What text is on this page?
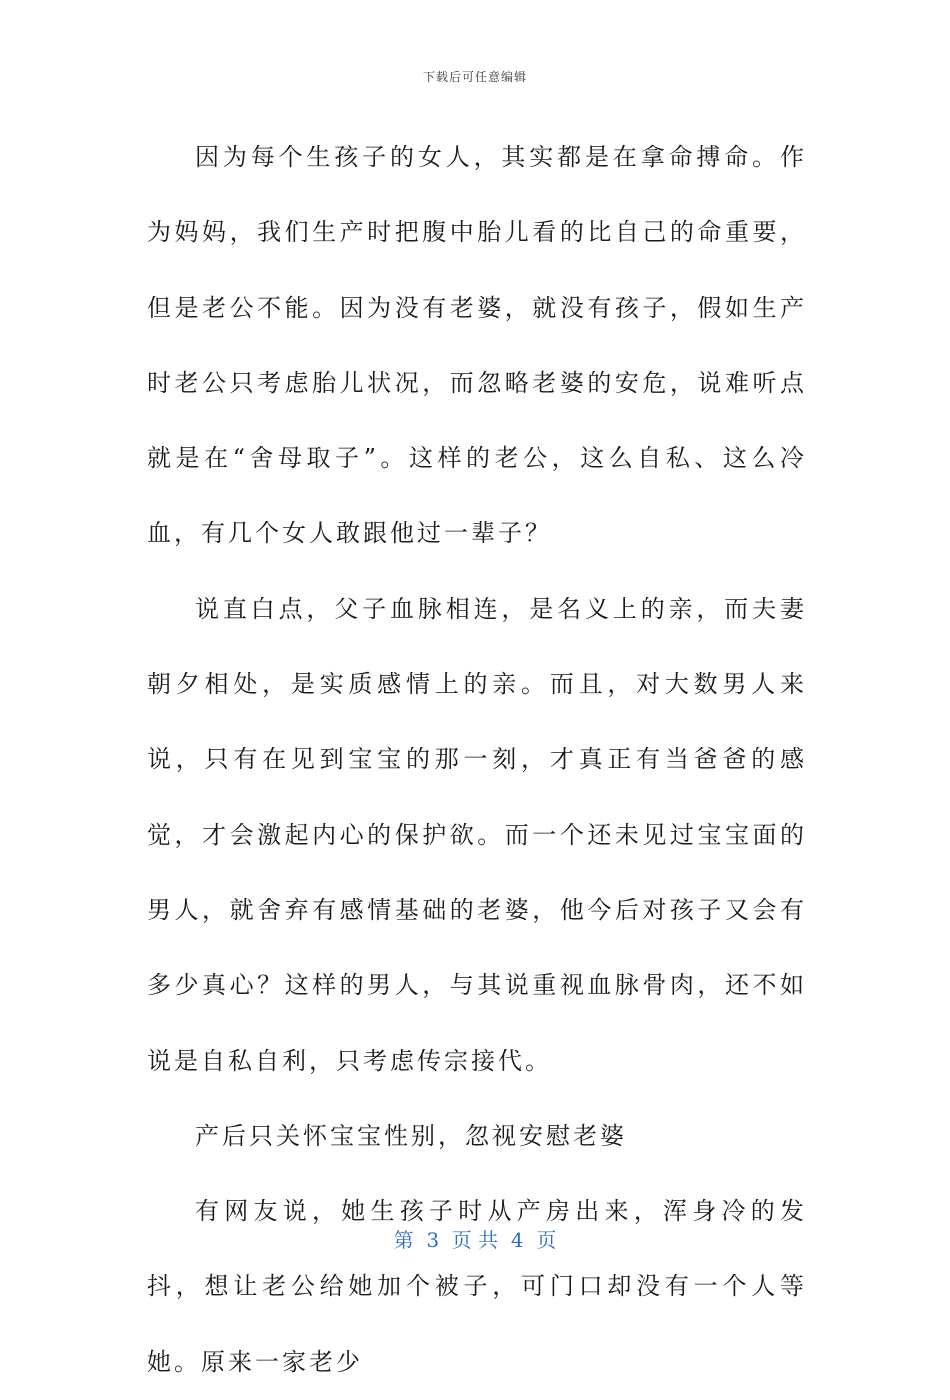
下载后可任意编辑

因为每个生孩子的女人，其实都是在拿命搏命。作为妈妈，我们生产时把腹中胎儿看的比自己的命重要，但是老公不能。因为没有老婆，就没有孩子，假如生产时老公只考虑胎儿状况，而忽略老婆的安危，说难听点就是在“舍母取子”。这样的老公，这么自私、这么冷血，有几个女人敢跟他过一辈子？

说直白点，父子血脉相连，是名义上的亲，而夫妻朝夕相处，是实质感情上的亲。而且，对大数男人来说，只有在见到宝宝的那一刻，才真正有当爸爸的感觉，才会激起内心的保护欲。而一个还未见过宝宝面的男人，就舍弃有感情基础的老婆，他今后对孩子又会有多少真心？这样的男人，与其说重视血脉骨肉，还不如说是自私自利，只考虑传宗接代。

产后只关怀宝宝性别，忽视安慰老婆

有网友说，她生孩子时从产房出来，浑身冷的发抖，想让老公给她加个被子，可门口却没有一个人等她。原来一家老少

第  3  页 共  4  页
